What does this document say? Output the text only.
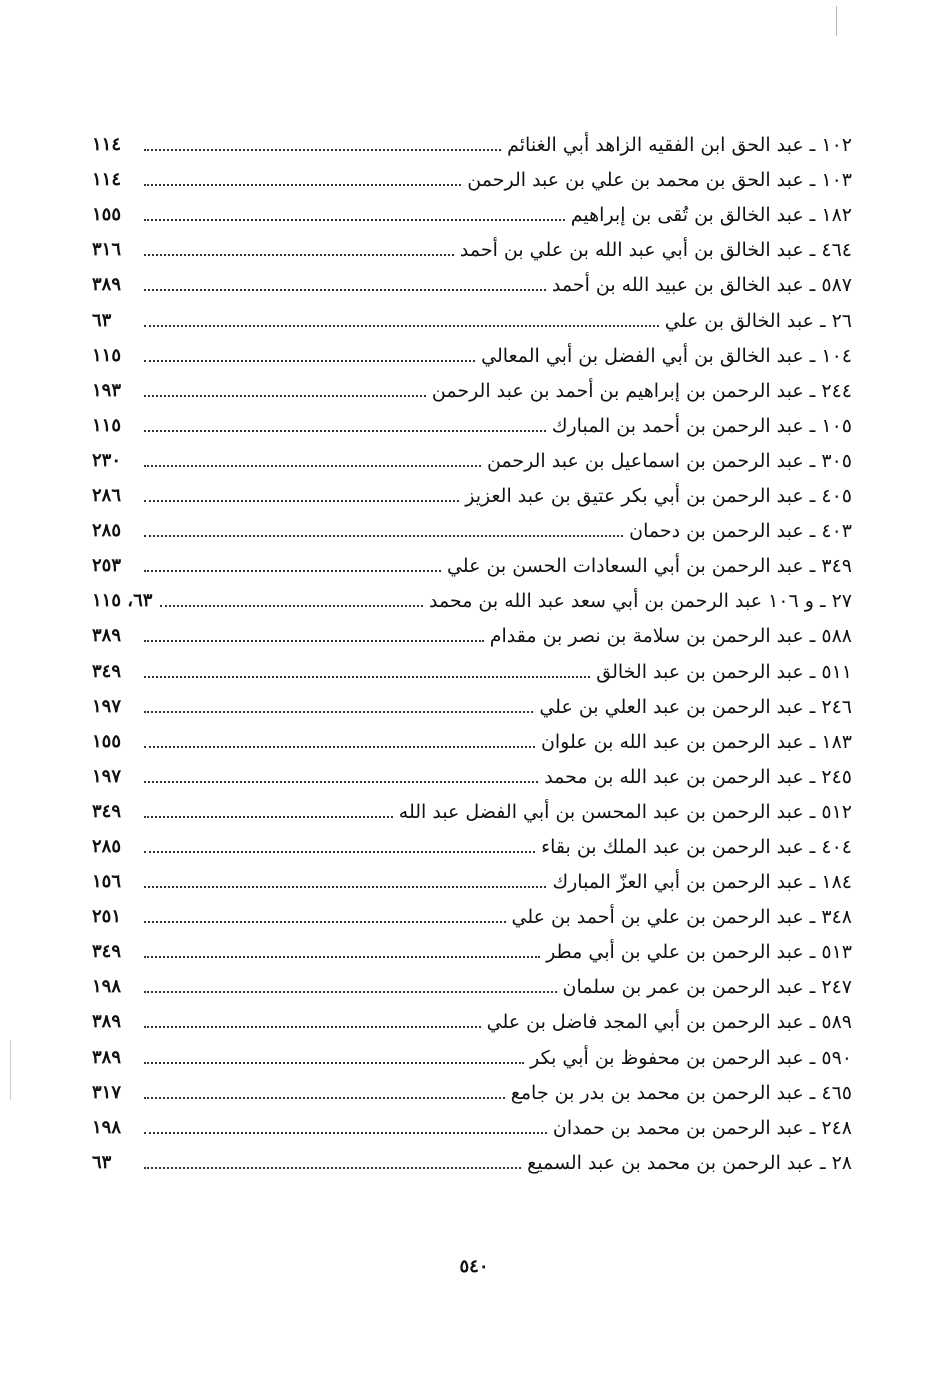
١٠٢ ـ عبد الحق ابن الفقيه الزاهد أبي الغنائم
١١٤
١٠٣ ـ عبد الحق بن محمد بن علي بن عبد الرحمن
١١٤
١٨٢ ـ عبد الخالق بن تُقى بن إبراهيم
١٥٥
٤٦٤ ـ عبد الخالق بن أبي عبد الله بن علي بن أحمد
٣١٦
٥٨٧ ـ عبد الخالق بن عبيد الله بن أحمد
٣٨٩
٢٦ ـ عبد الخالق بن علي
٦٣
١٠٤ ـ عبد الخالق بن أبي الفضل بن أبي المعالي
١١٥
٢٤٤ ـ عبد الرحمن بن إبراهيم بن أحمد بن عبد الرحمن
١٩٣
١٠٥ ـ عبد الرحمن بن أحمد بن المبارك
١١٥
٣٠٥ ـ عبد الرحمن بن اسماعيل بن عبد الرحمن
٢٣٠
٤٠٥ ـ عبد الرحمن بن أبي بكر عتيق بن عبد العزيز
٢٨٦
٤٠٣ ـ عبد الرحمن بن دحمان
٢٨٥
٣٤٩ ـ عبد الرحمن بن أبي السعادات الحسن بن علي
٢٥٣
٢٧ ـ و ١٠٦ عبد الرحمن بن أبي سعد عبد الله بن محمد
٦٣، ١١٥
٥٨٨ ـ عبد الرحمن بن سلامة بن نصر بن مقدام
٣٨٩
٥١١ ـ عبد الرحمن بن عبد الخالق
٣٤٩
٢٤٦ ـ عبد الرحمن بن عبد العلي بن علي
١٩٧
١٨٣ ـ عبد الرحمن بن عبد الله بن علوان
١٥٥
٢٤٥ ـ عبد الرحمن بن عبد الله بن محمد
١٩٧
٥١٢ ـ عبد الرحمن بن عبد المحسن بن أبي الفضل عبد الله
٣٤٩
٤٠٤ ـ عبد الرحمن بن عبد الملك بن بقاء
٢٨٥
١٨٤ ـ عبد الرحمن بن أبي العزّ المبارك
١٥٦
٣٤٨ ـ عبد الرحمن بن علي بن أحمد بن علي
٢٥١
٥١٣ ـ عبد الرحمن بن علي بن أبي مطر
٣٤٩
٢٤٧ ـ عبد الرحمن بن عمر بن سلمان
١٩٨
٥٨٩ ـ عبد الرحمن بن أبي المجد فاضل بن علي
٣٨٩
٥٩٠ ـ عبد الرحمن بن محفوظ بن أبي بكر
٣٨٩
٤٦٥ ـ عبد الرحمن بن محمد بن بدر بن جامع
٣١٧
٢٤٨ ـ عبد الرحمن بن محمد بن حمدان
١٩٨
٢٨ ـ عبد الرحمن بن محمد بن عبد السميع
٦٣
٥٤٠
